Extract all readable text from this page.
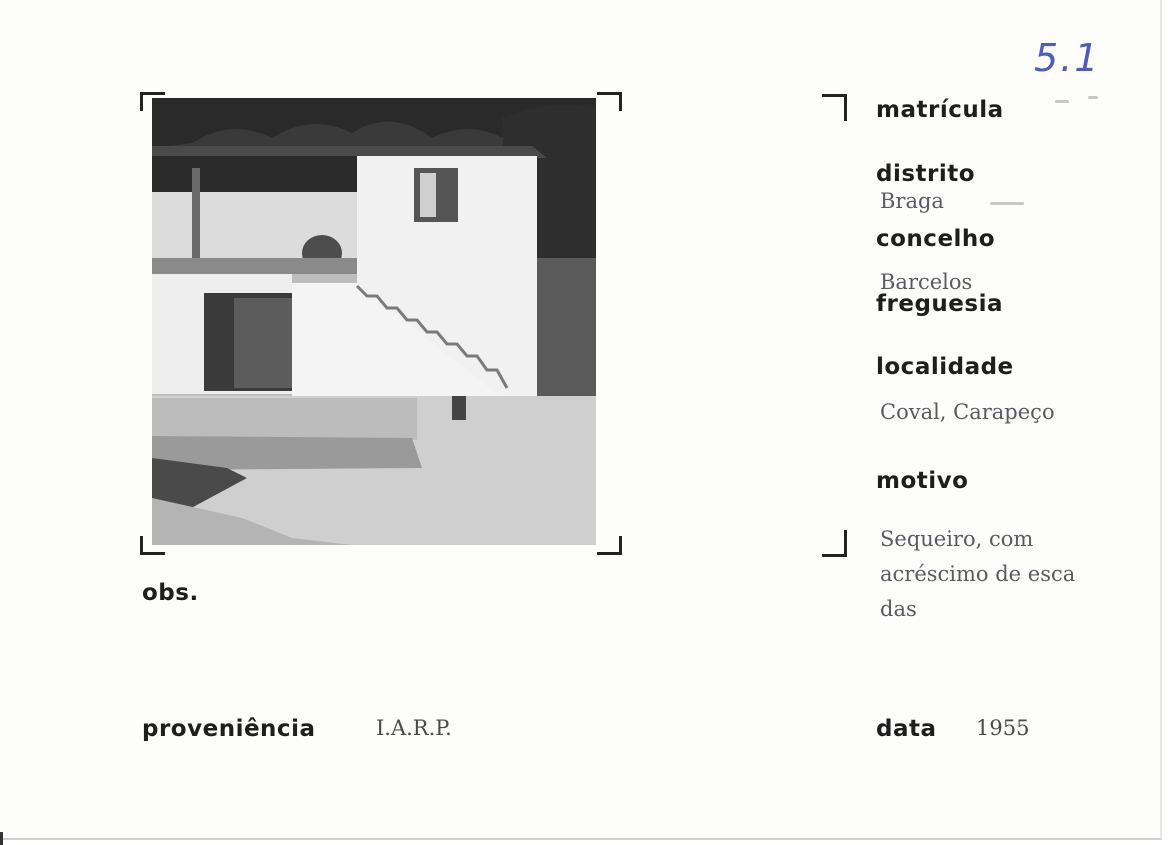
5.1
matrícula
distrito
Braga
concelho
Barcelos
freguesia
localidade
Coval, Carapeço
motivo
Sequeiro, com
acréscimo de esca
das
obs.
proveniência	I.A.R.P.	data 1955
